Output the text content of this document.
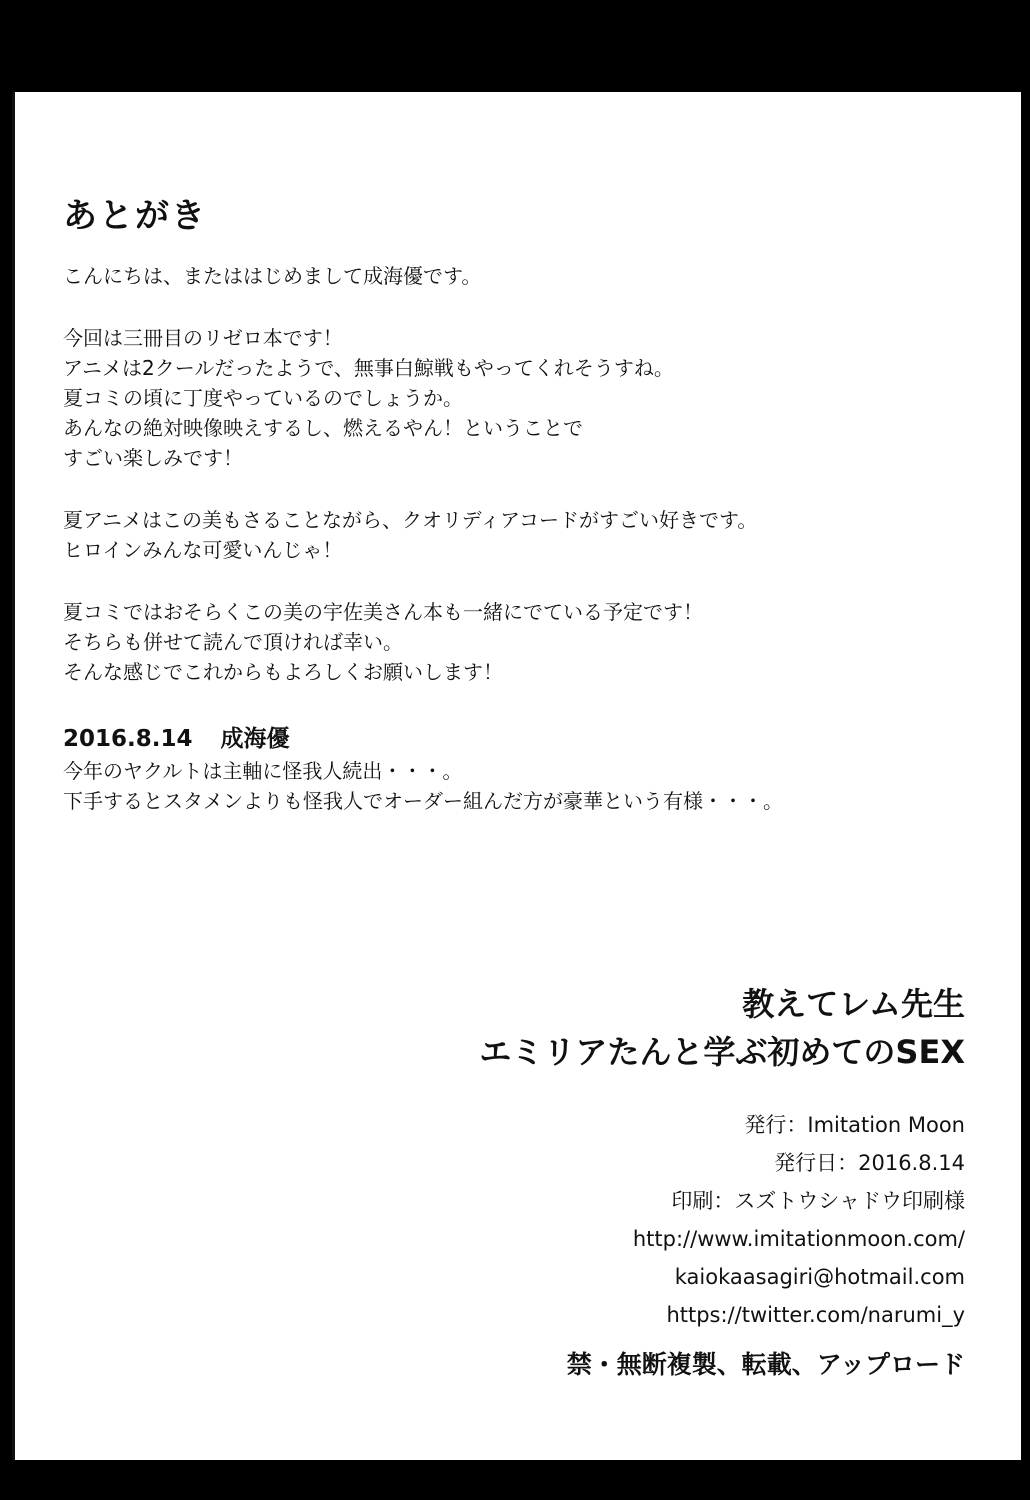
あとがき
こんにちは、またははじめまして成海優です。
今回は三冊目のリゼロ本です！
アニメは2クールだったようで、無事白鯨戦もやってくれそうすね。
夏コミの頃に丁度やっているのでしょうか。
あんなの絶対映像映えするし、燃えるやん！ということで
すごい楽しみです！
夏アニメはこの美もさることながら、クオリディアコードがすごい好きです。
ヒロインみんな可愛いんじゃ！
夏コミではおそらくこの美の宇佐美さん本も一緒にでている予定です！
そちらも併せて読んで頂ければ幸い。
そんな感じでこれからもよろしくお願いします！
2016.8.14 成海優
今年のヤクルトは主軸に怪我人続出・・・。
下手するとスタメンよりも怪我人でオーダー組んだ方が豪華という有様・・・。
教えてレム先生
エミリアたんと学ぶ初めてのSEX
発行：Imitation Moon
発行日：2016.8.14
印刷：スズトウシャドウ印刷様
http://www.imitationmoon.com/
kaiokaasagiri@hotmail.com
https://twitter.com/narumi_y
禁・無断複製、転載、アップロード
